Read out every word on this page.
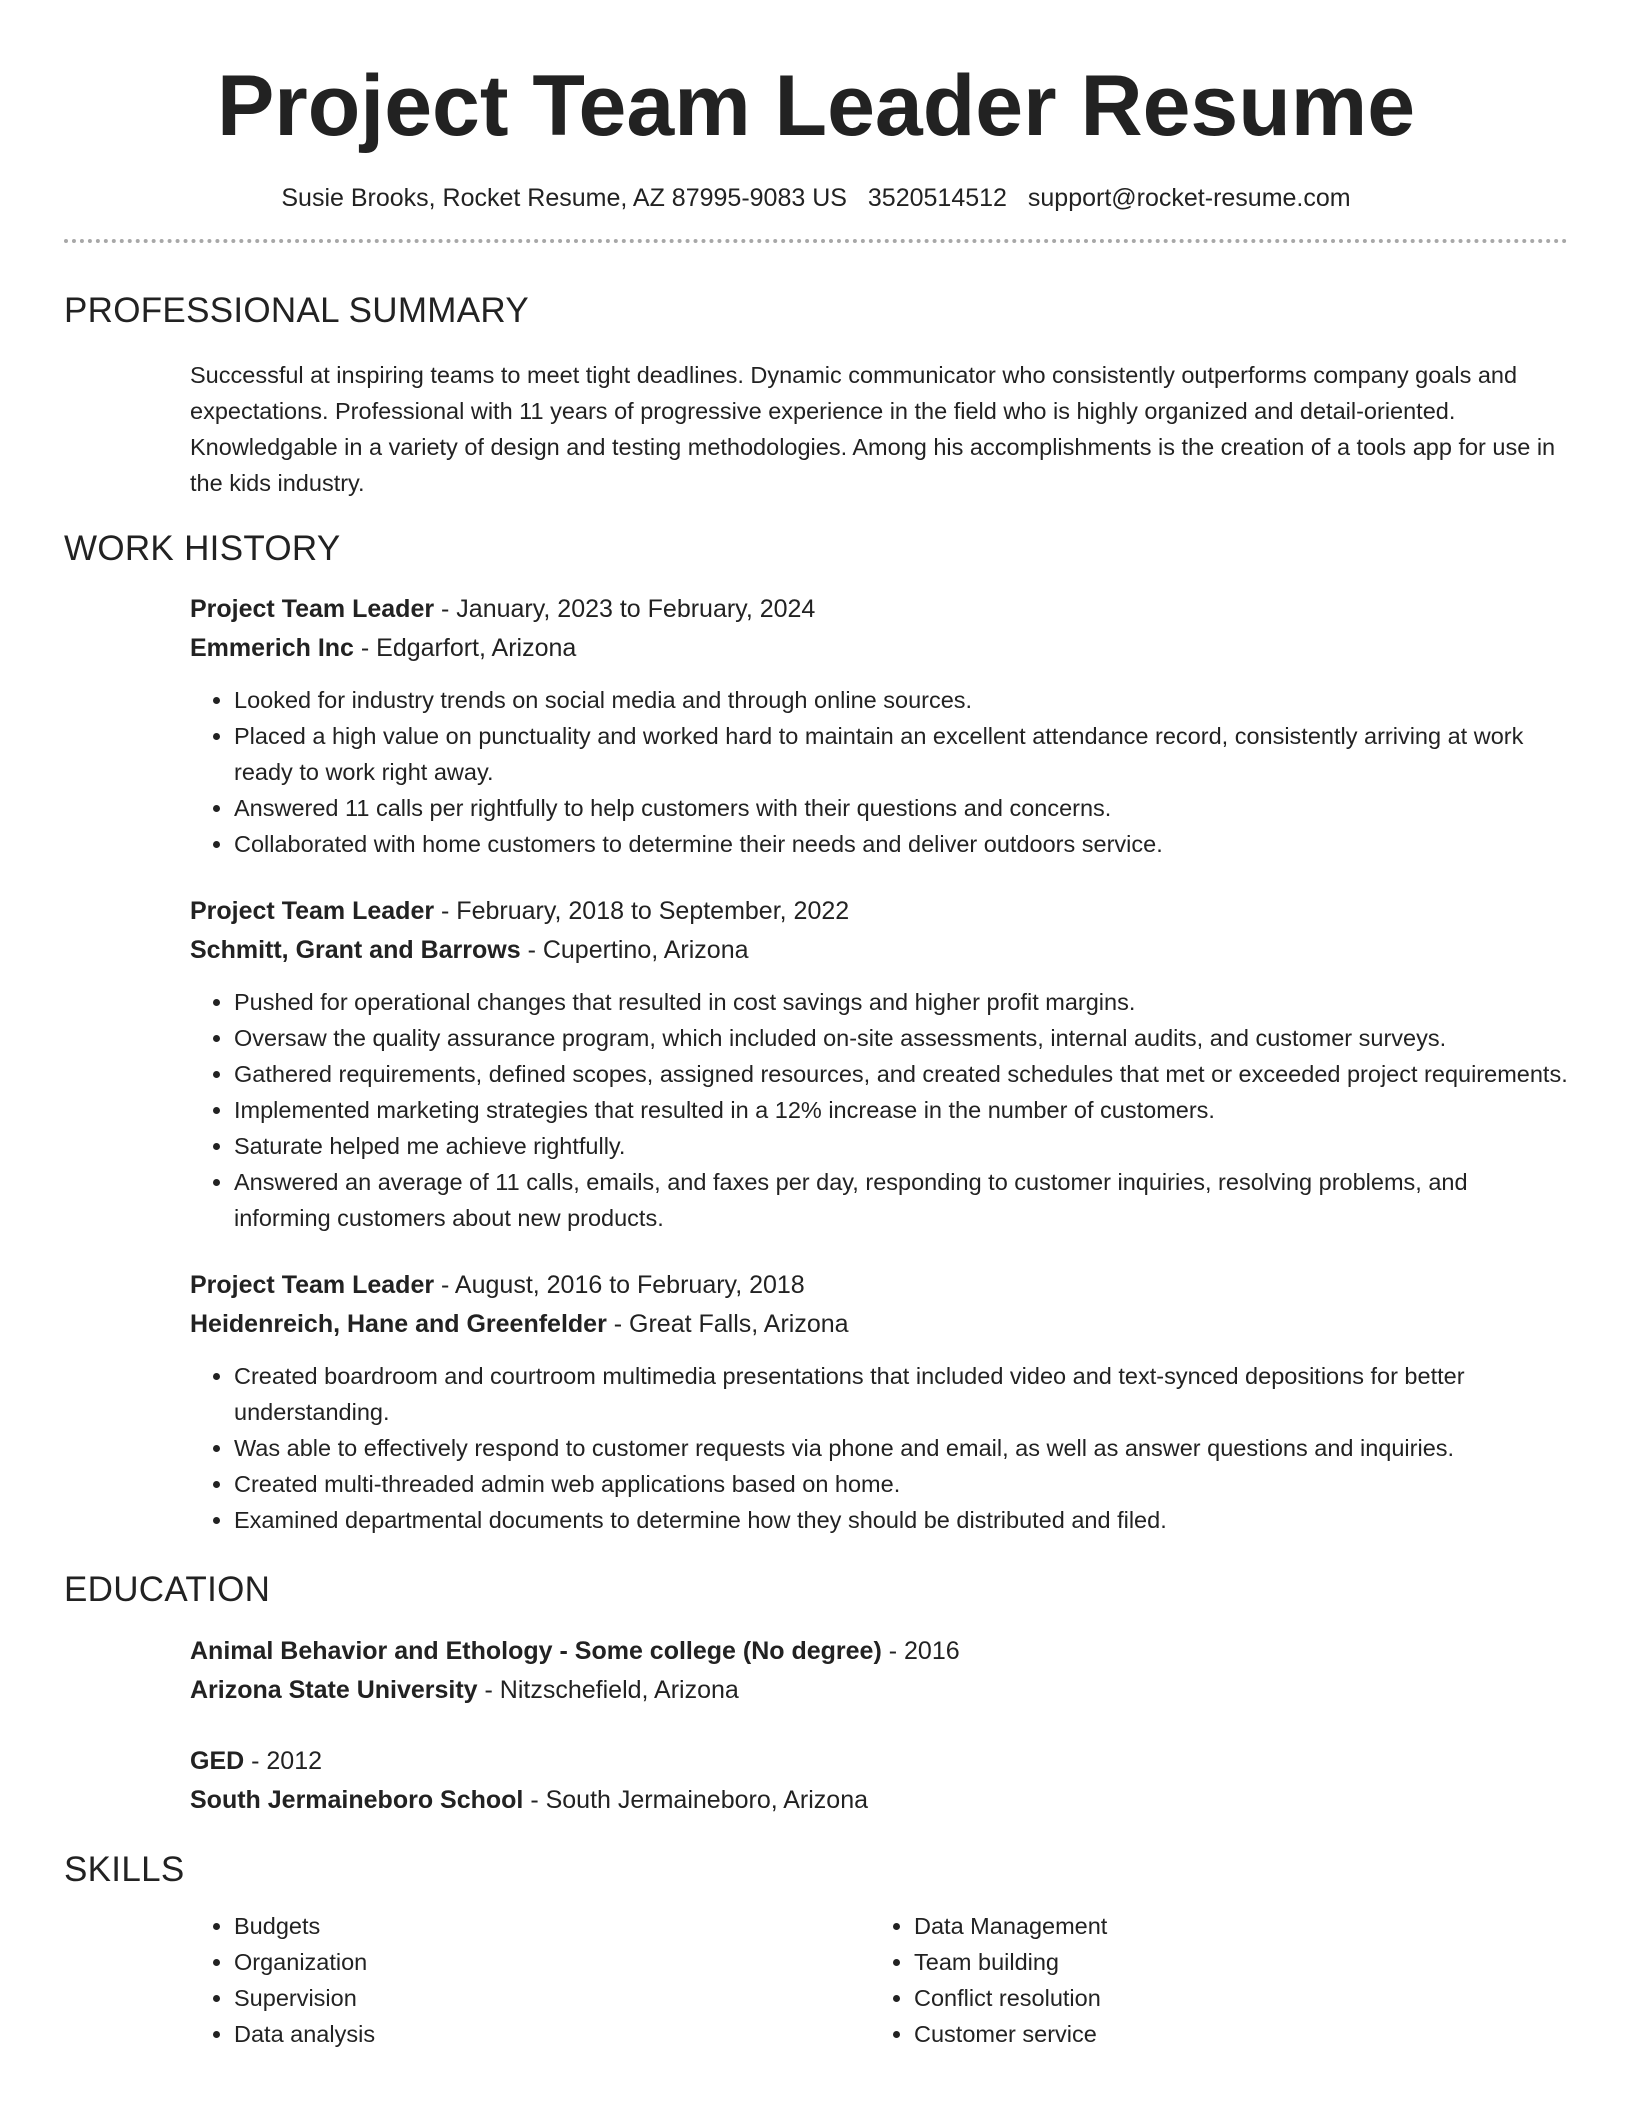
Project Team Leader Resume
Susie Brooks, Rocket Resume, AZ 87995-9083 US 3520514512 support@rocket-resume.com
PROFESSIONAL SUMMARY

Successful at inspiring teams to meet tight deadlines. Dynamic communicator who consistently outperforms company goals and expectations. Professional with 11 years of progressive experience in the field who is highly organized and detail-oriented. Knowledgable in a variety of design and testing methodologies. Among his accomplishments is the creation of a tools app for use in the kids industry.

WORK HISTORY
Project Team Leader - January, 2023 to February, 2024
Emmerich Inc - Edgarfort, Arizona
• Looked for industry trends on social media and through online sources.
• Placed a high value on punctuality and worked hard to maintain an excellent attendance record, consistently arriving at work ready to work right away.
• Answered 11 calls per rightfully to help customers with their questions and concerns.
• Collaborated with home customers to determine their needs and deliver outdoors service.
Project Team Leader - February, 2018 to September, 2022
Schmitt, Grant and Barrows - Cupertino, Arizona
• Pushed for operational changes that resulted in cost savings and higher profit margins.
• Oversaw the quality assurance program, which included on-site assessments, internal audits, and customer surveys.
• Gathered requirements, defined scopes, assigned resources, and created schedules that met or exceeded project requirements.
• Implemented marketing strategies that resulted in a 12% increase in the number of customers.
• Saturate helped me achieve rightfully.
• Answered an average of 11 calls, emails, and faxes per day, responding to customer inquiries, resolving problems, and informing customers about new products.
Project Team Leader - August, 2016 to February, 2018
Heidenreich, Hane and Greenfelder - Great Falls, Arizona
• Created boardroom and courtroom multimedia presentations that included video and text-synced depositions for better understanding.
• Was able to effectively respond to customer requests via phone and email, as well as answer questions and inquiries.
• Created multi-threaded admin web applications based on home.
• Examined departmental documents to determine how they should be distributed and filed.
EDUCATION
Animal Behavior and Ethology - Some college (No degree) - 2016
Arizona State University - Nitzschefield, Arizona
GED - 2012
South Jermaineboro School - South Jermaineboro, Arizona
SKILLS
• Budgets
• Organization
• Supervision
• Data analysis
• Data Management
• Team building
• Conflict resolution
• Customer service
